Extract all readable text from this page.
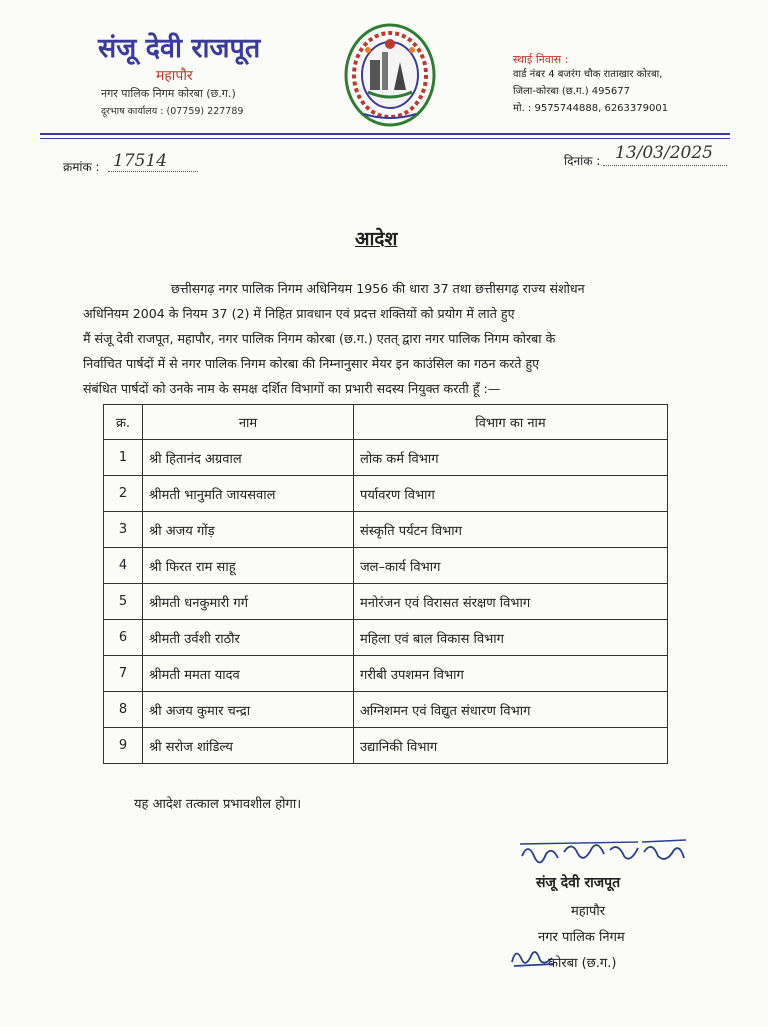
संजू देवी राजपूत
महापौर
नगर पालिक निगम कोरबा (छ.ग.)
दूरभाष कार्यालय : (07759) 227789
स्थाई निवास :
वार्ड नंबर 4 बजरंग चौक राताखार कोरबा,
जिला-कोरबा (छ.ग.) 495677
मो. : 9575744888, 6263379001
क्रमांक : 17514	दिनांक : 13/03/2025
आदेश
छत्तीसगढ़ नगर पालिक निगम अधिनियम 1956 की धारा 37 तथा छत्तीसगढ़ राज्य संशोधन
अधिनियम 2004 के नियम 37 (2) में निहित प्रावधान एवं प्रदत्त शक्तियों को प्रयोग में लाते हुए
मैं संजू देवी राजपूत, महापौर, नगर पालिक निगम कोरबा (छ.ग.) एतत् द्वारा नगर पालिक निगम कोरबा के
निर्वाचित पार्षदों में से नगर पालिक निगम कोरबा की निम्नानुसार मेयर इन काउंसिल का गठन करते हुए
संबंधित पार्षदों को उनके नाम के समक्ष दर्शित विभागों का प्रभारी सदस्य नियुक्त करती हूँ :—
क्र.	नाम	विभाग का नाम
1	श्री हितानंद अग्रवाल	लोक कर्म विभाग
2	श्रीमती भानुमति जायसवाल	पर्यावरण विभाग
3	श्री अजय गोंड़	संस्कृति पर्यटन विभाग
4	श्री फिरत राम साहू	जल–कार्य विभाग
5	श्रीमती धनकुमारी गर्ग	मनोरंजन एवं विरासत संरक्षण विभाग
6	श्रीमती उर्वशी राठौर	महिला एवं बाल विकास विभाग
7	श्रीमती ममता यादव	गरीबी उपशमन विभाग
8	श्री अजय कुमार चन्द्रा	अग्निशमन एवं विद्युत संधारण विभाग
9	श्री सरोज शांडिल्य	उद्यानिकी विभाग
यह आदेश तत्काल प्रभावशील होगा।
संजू देवी राजपूत
महापौर
नगर पालिक निगम
कोरबा (छ.ग.)
